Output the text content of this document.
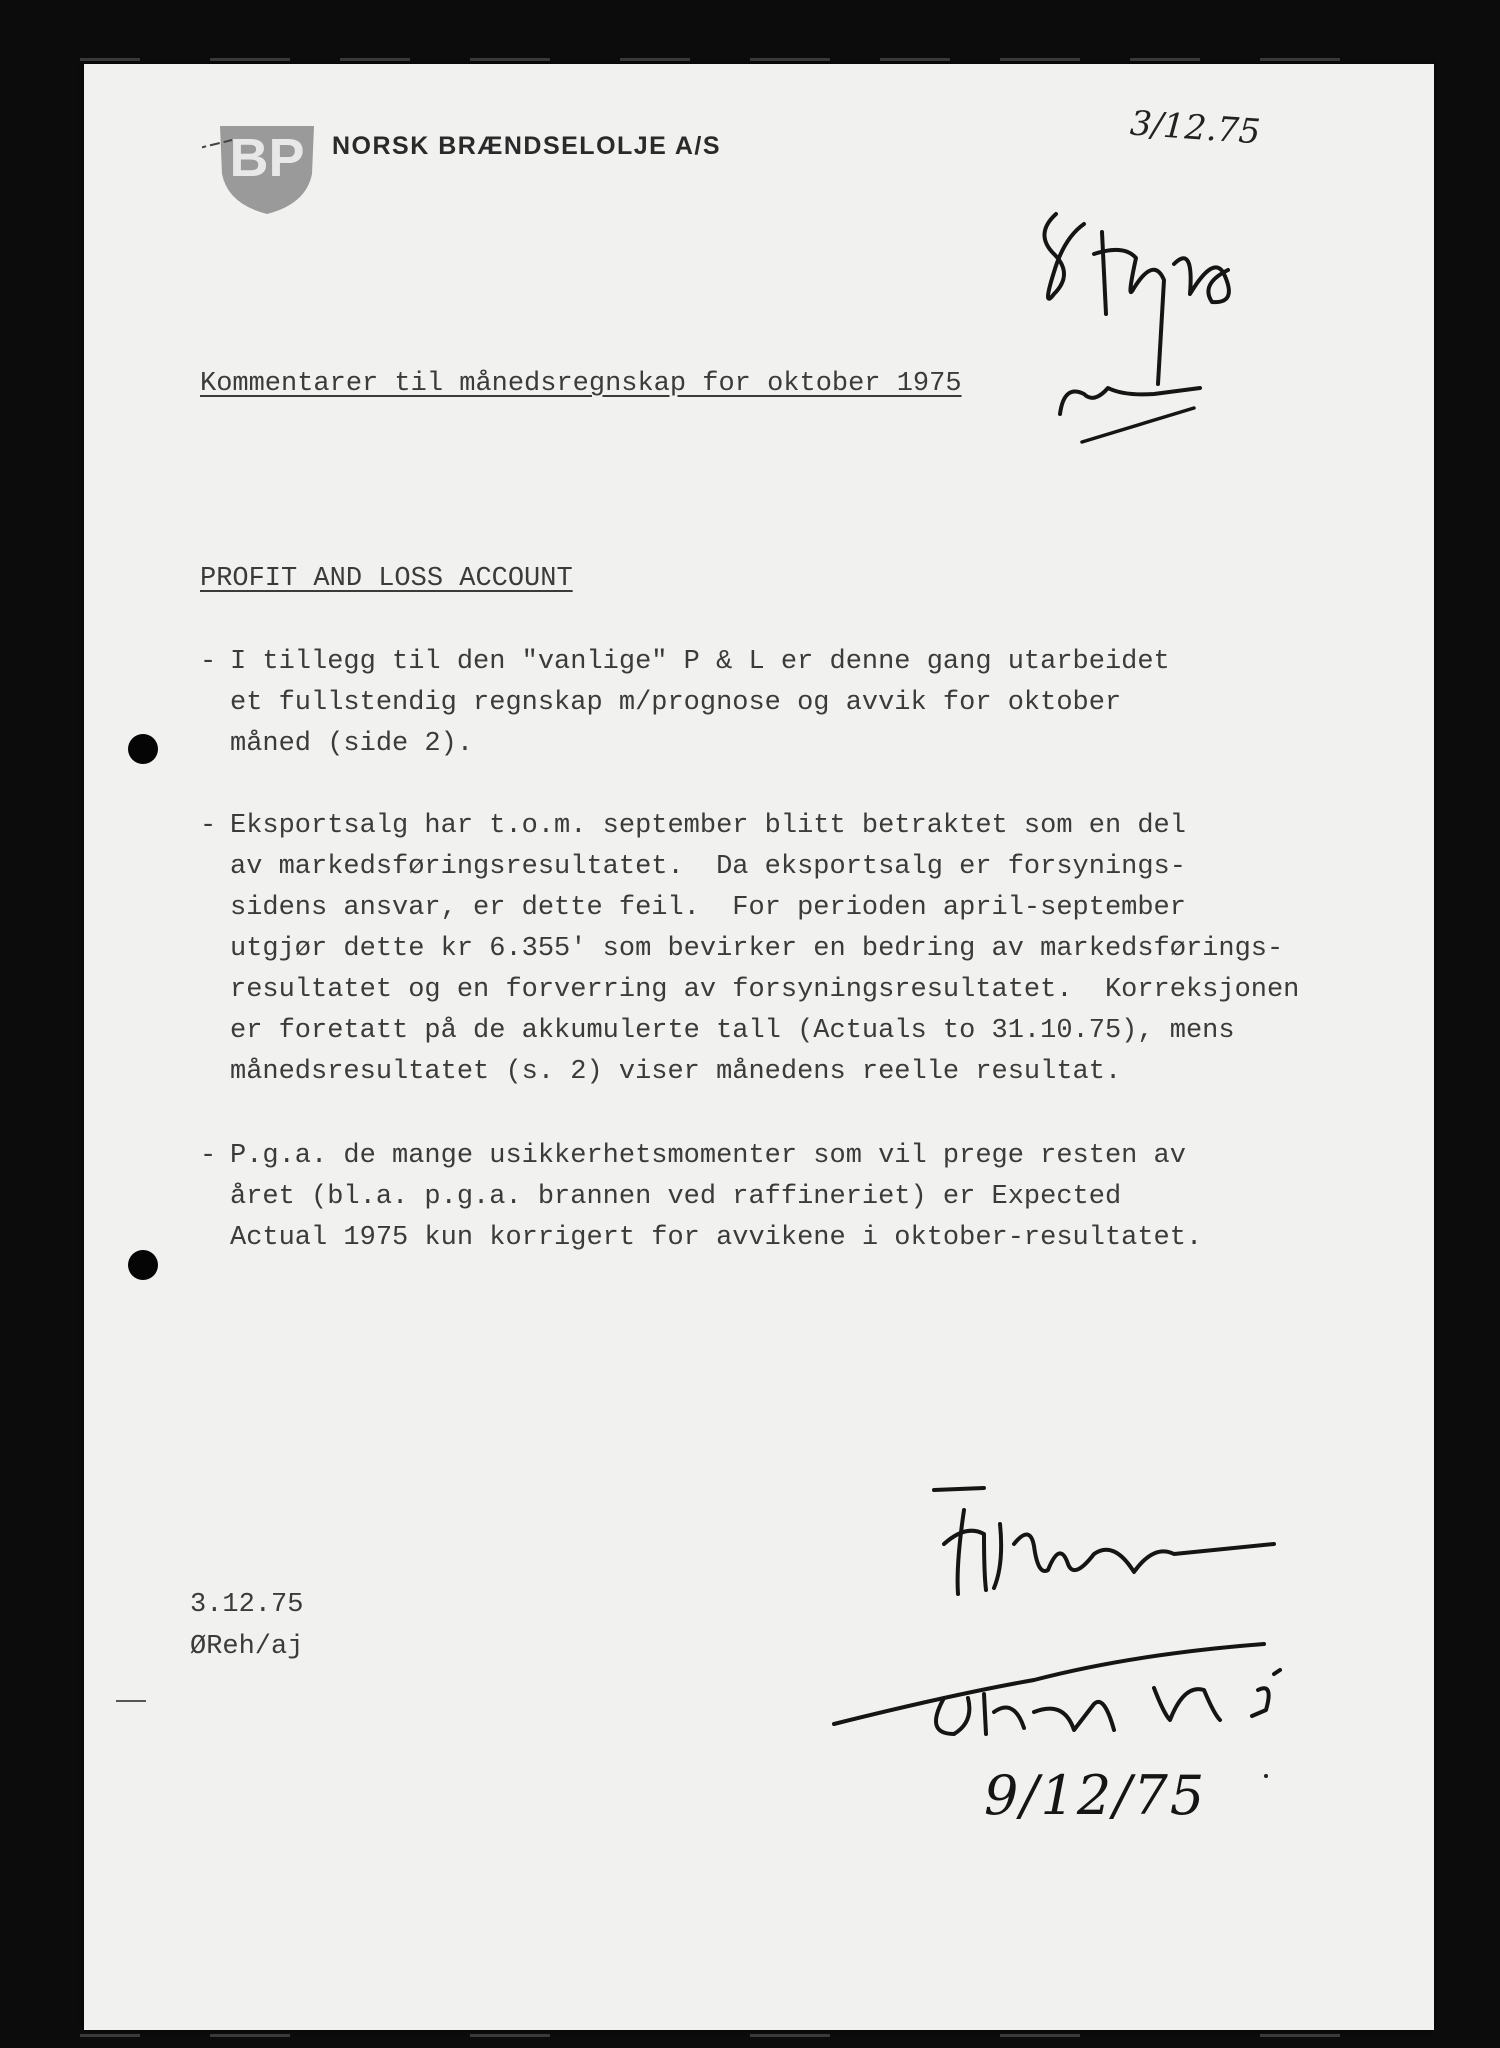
BP NORSK BRÆNDSELOLJE A/S

Kommentarer til månedsregnskap for oktober 1975

PROFIT AND LOSS ACCOUNT

- I tillegg til den "vanlige" P & L er denne gang utarbeidet
et fullstendig regnskap m/prognose og avvik for oktober
måned (side 2).
- Eksportsalg har t.o.m. september blitt betraktet som en del
av markedsføringsresultatet.  Da eksportsalg er forsynings-
sidens ansvar, er dette feil.  For perioden april-september
utgjør dette kr 6.355' som bevirker en bedring av markedsførings-
resultatet og en forverring av forsyningsresultatet.  Korreksjonen
er foretatt på de akkumulerte tall (Actuals to 31.10.75), mens
månedsresultatet (s. 2) viser månedens reelle resultat.
- P.g.a. de mange usikkerhetsmomenter som vil prege resten av
året (bl.a. p.g.a. brannen ved raffineriet) er Expected
Actual 1975 kun korrigert for avvikene i oktober-resultatet.

3.12.75

ØReh/aj

3/12.75
9/12/75
